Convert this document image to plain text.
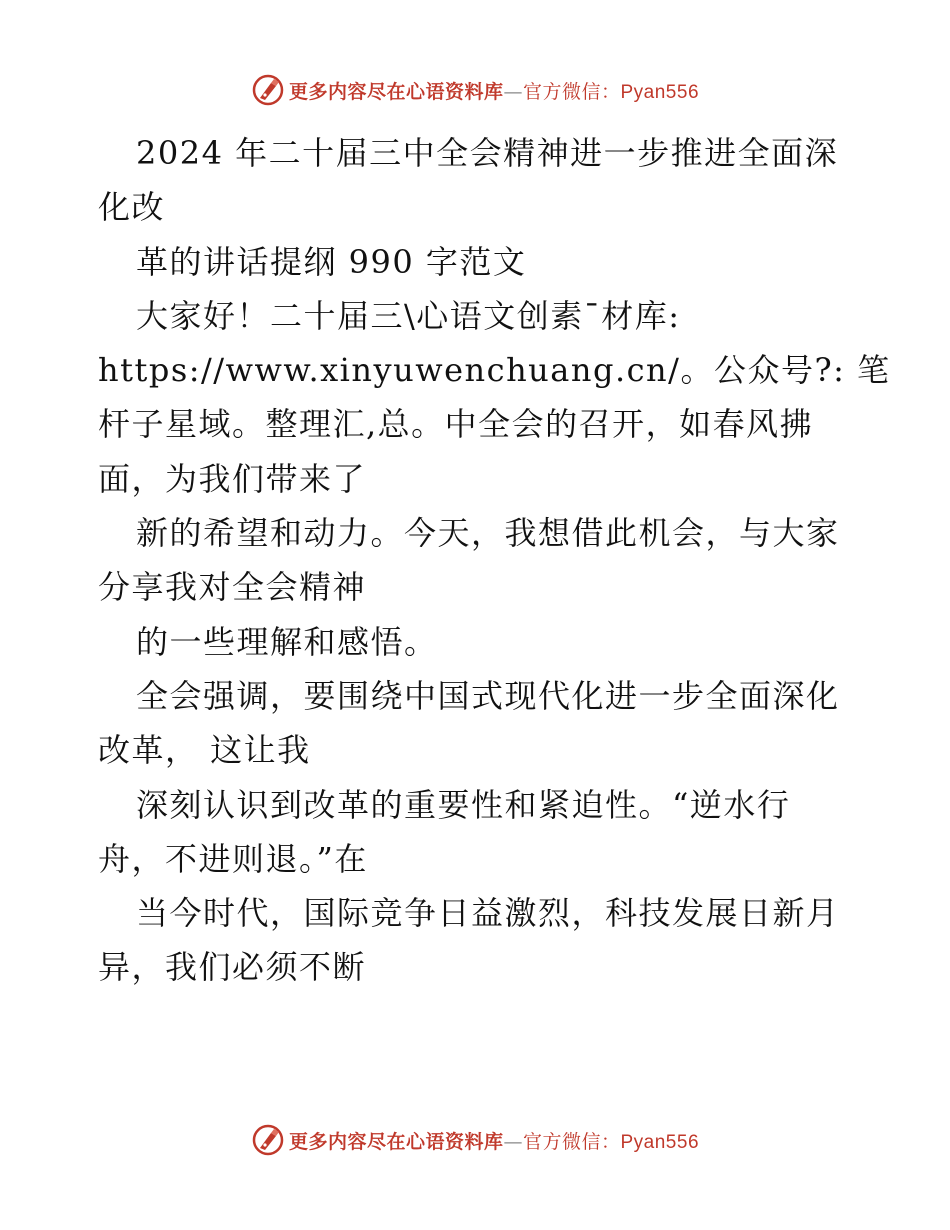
更多内容尽在心语资料库—官方微信：Pyan556
2024 年二十届三中全会精神进一步推进全面深
化改
革的讲话提纲 990 字范文
大家好！二十届三\心语文创素¯材库:
https://www.xinyuwenchuang.cn/。公众号?: 笔
杆子星域。整理汇,总。中全会的召开，如春风拂
面，为我们带来了
新的希望和动力。今天，我想借此机会，与大家
分享我对全会精神
的一些理解和感悟。
全会强调，要围绕中国式现代化进一步全面深化
改革， 这让我
深刻认识到改革的重要性和紧迫性。“逆水行
舟，不进则退。”在
当今时代，国际竞争日益激烈，科技发展日新月
异，我们必须不断
更多内容尽在心语资料库—官方微信：Pyan556
